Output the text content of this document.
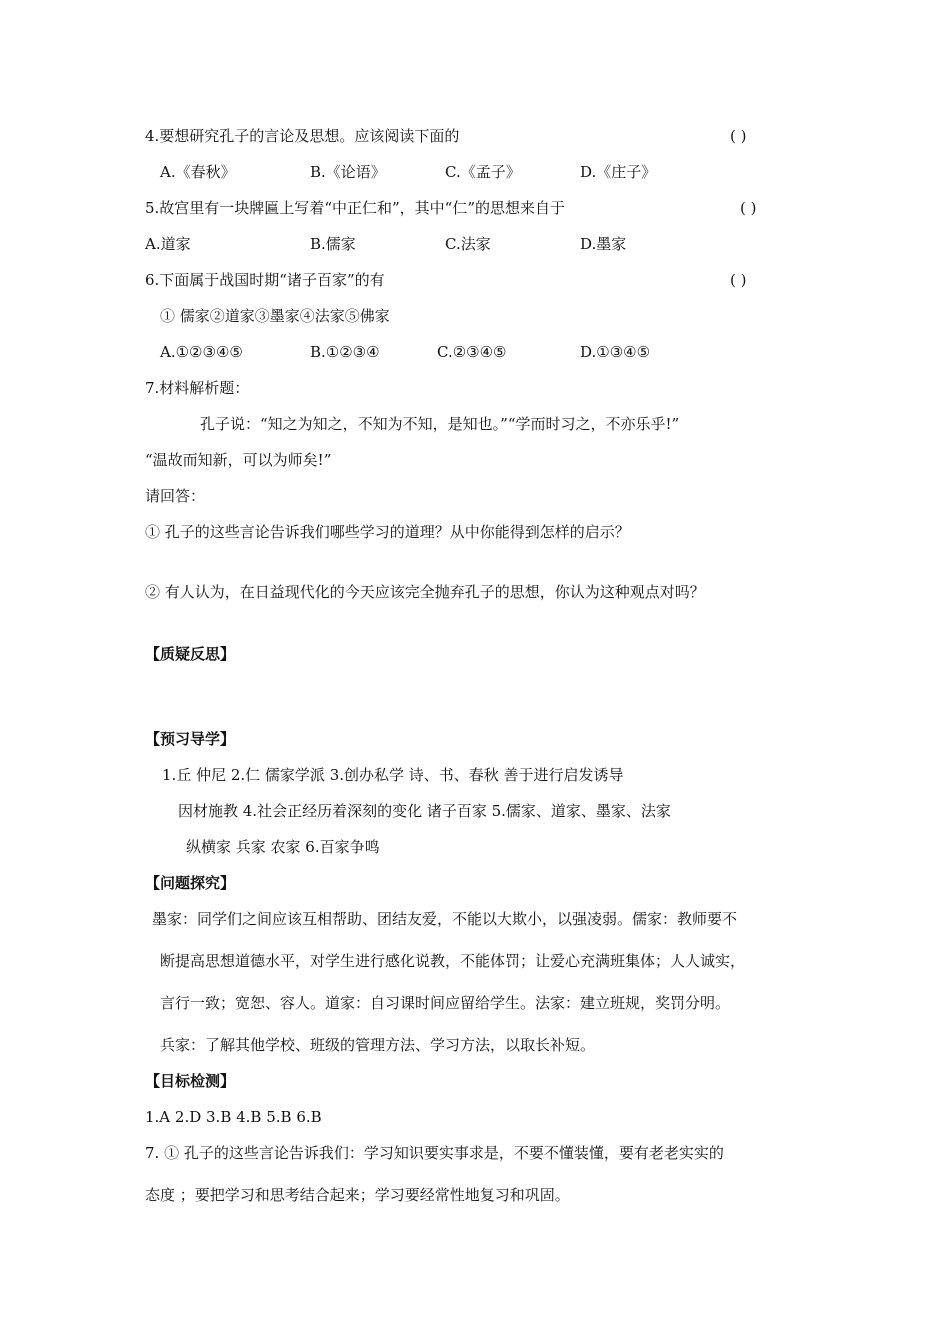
4.要想研究孔子的言论及思想。应该阅读下面的	( )
A.《春秋》	B.《论语》	C.《孟子》	D.《庄子》
5.故宫里有一块牌匾上写着“中正仁和”，其中“仁”的思想来自于	( )
A.道家	B.儒家	C.法家	D.墨家
6.下面属于战国时期“诸子百家”的有	( )
① 儒家②道家③墨家④法家⑤佛家
A.①②③④⑤	B.①②③④	C.②③④⑤	D.①③④⑤
7.材料解析题：
孔子说：“知之为知之，不知为不知，是知也。”“学而时习之，不亦乐乎!”
“温故而知新，可以为师矣!”
请回答：
① 孔子的这些言论告诉我们哪些学习的道理？从中你能得到怎样的启示？
② 有人认为，在日益现代化的今天应该完全抛弃孔子的思想，你认为这种观点对吗？
【质疑反思】
【预习导学】
1.丘 仲尼 2.仁 儒家学派 3.创办私学 诗、书、春秋 善于进行启发诱导
因材施教 4.社会正经历着深刻的变化 诸子百家 5.儒家、道家、墨家、法家
纵横家 兵家 农家 6.百家争鸣
【问题探究】
墨家：同学们之间应该互相帮助、团结友爱，不能以大欺小，以强凌弱。儒家：教师要不
断提高思想道德水平，对学生进行感化说教，不能体罚；让爱心充满班集体；人人诚实，
言行一致；宽恕、容人。道家：自习课时间应留给学生。法家：建立班规，奖罚分明。
兵家：了解其他学校、班级的管理方法、学习方法，以取长补短。
【目标检测】
1.A 2.D 3.B 4.B 5.B 6.B
7. ① 孔子的这些言论告诉我们：学习知识要实事求是，不要不懂装懂，要有老老实实的
态度 ；要把学习和思考结合起来；学习要经常性地复习和巩固。
